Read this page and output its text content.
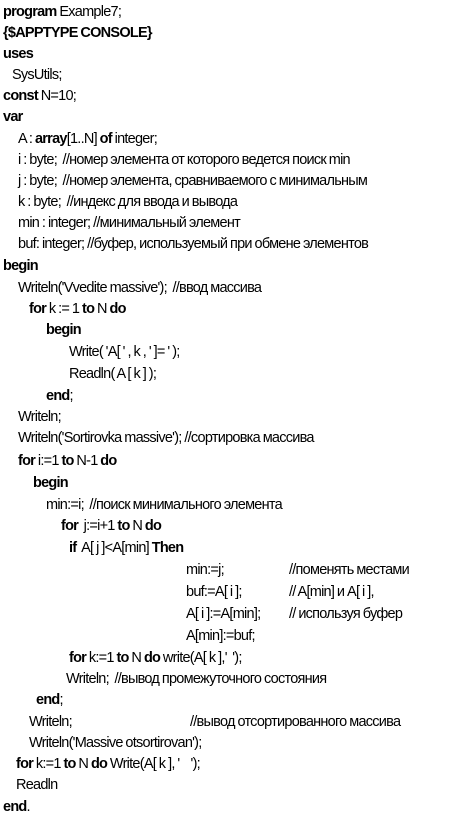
program Example7;
{$APPTYPE CONSOLE}
uses
SysUtils;
const N=10;
var
A : array[1..N] of integer;
i : byte;  //номер элемента от которого ведется поиск min
j : byte;  //номер элемента, сравниваемого с минимальным
k : byte;  //индекс для ввода и вывода
min : integer; //минимальный элемент
buf: integer; //буфер, используемый при обмене элементов
begin
Writeln('Vvedite massive');  //ввод массива
for k := 1 to N do
begin
Write( 'A[ ' , k , ' ]= ' );
Readln( A [ k ] );
end;
Writeln;
Writeln('Sortirovka massive'); //сортировка массива
for i:=1 to N-1 do
begin
min:=i;  //поиск минимального элемента
for  j:=i+1 to N do
if  A[ j ]<A[min] Then
min:=j;	//поменять местами
buf:=A[ i ];	// A[min] и A[ i ],
A[ i ]:=A[min]; // используя буфер
A[min]:=buf;
for k:=1 to N do write(A[ k ],'  ');
Writeln;  //вывод промежуточного состояния
end;
Writeln;	//вывод отсортированного массива
Writeln('Massive otsortirovan');
for k:=1 to N do Write(A[ k ], '    ');
Readln
end.
